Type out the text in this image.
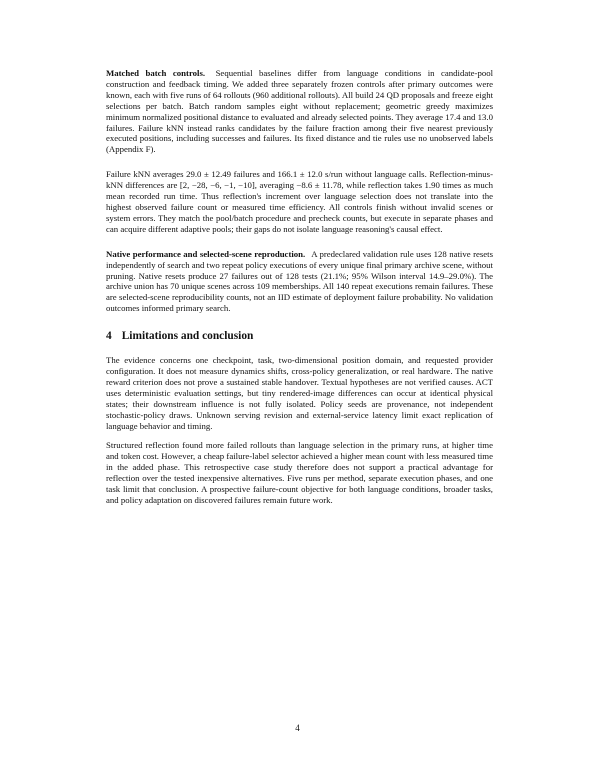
Matched batch controls. Sequential baselines differ from language conditions in candidate-pool construction and feedback timing. We added three separately frozen controls after primary outcomes were known, each with five runs of 64 rollouts (960 additional rollouts). All build 24 QD proposals and freeze eight selections per batch. Batch random samples eight without replacement; geometric greedy maximizes minimum normalized positional distance to evaluated and already selected points. They average 17.4 and 13.0 failures. Failure kNN instead ranks candidates by the failure fraction among their five nearest previously executed positions, including successes and failures. Its fixed distance and tie rules use no unobserved labels (Appendix F).

Failure kNN averages 29.0 ± 12.49 failures and 166.1 ± 12.0 s/run without language calls. Reflection-minus-kNN differences are [2, −28, −6, −1, −10], averaging −8.6 ± 11.78, while reflection takes 1.90 times as much mean recorded run time. Thus reflection's increment over language selection does not translate into the highest observed failure count or measured time efficiency. All controls finish without invalid scenes or system errors. They match the pool/batch procedure and precheck counts, but execute in separate phases and can acquire different adaptive pools; their gaps do not isolate language reasoning's causal effect.

Native performance and selected-scene reproduction. A predeclared validation rule uses 128 native resets independently of search and two repeat policy executions of every unique final primary archive scene, without pruning. Native resets produce 27 failures out of 128 tests (21.1%; 95% Wilson interval 14.9–29.0%). The archive union has 70 unique scenes across 109 memberships. All 140 repeat executions remain failures. These are selected-scene reproducibility counts, not an IID estimate of deployment failure probability. No validation outcomes informed primary search.

4 Limitations and conclusion

The evidence concerns one checkpoint, task, two-dimensional position domain, and requested provider configuration. It does not measure dynamics shifts, cross-policy generalization, or real hardware. The native reward criterion does not prove a sustained stable handover. Textual hypotheses are not verified causes. ACT uses deterministic evaluation settings, but tiny rendered-image differences can occur at identical physical states; their downstream influence is not fully isolated. Policy seeds are provenance, not independent stochastic-policy draws. Unknown serving revision and external-service latency limit exact replication of language behavior and timing.

Structured reflection found more failed rollouts than language selection in the primary runs, at higher time and token cost. However, a cheap failure-label selector achieved a higher mean count with less measured time in the added phase. This retrospective case study therefore does not support a practical advantage for reflection over the tested inexpensive alternatives. Five runs per method, separate execution phases, and one task limit that conclusion. A prospective failure-count objective for both language conditions, broader tasks, and policy adaptation on discovered failures remain future work.

4
